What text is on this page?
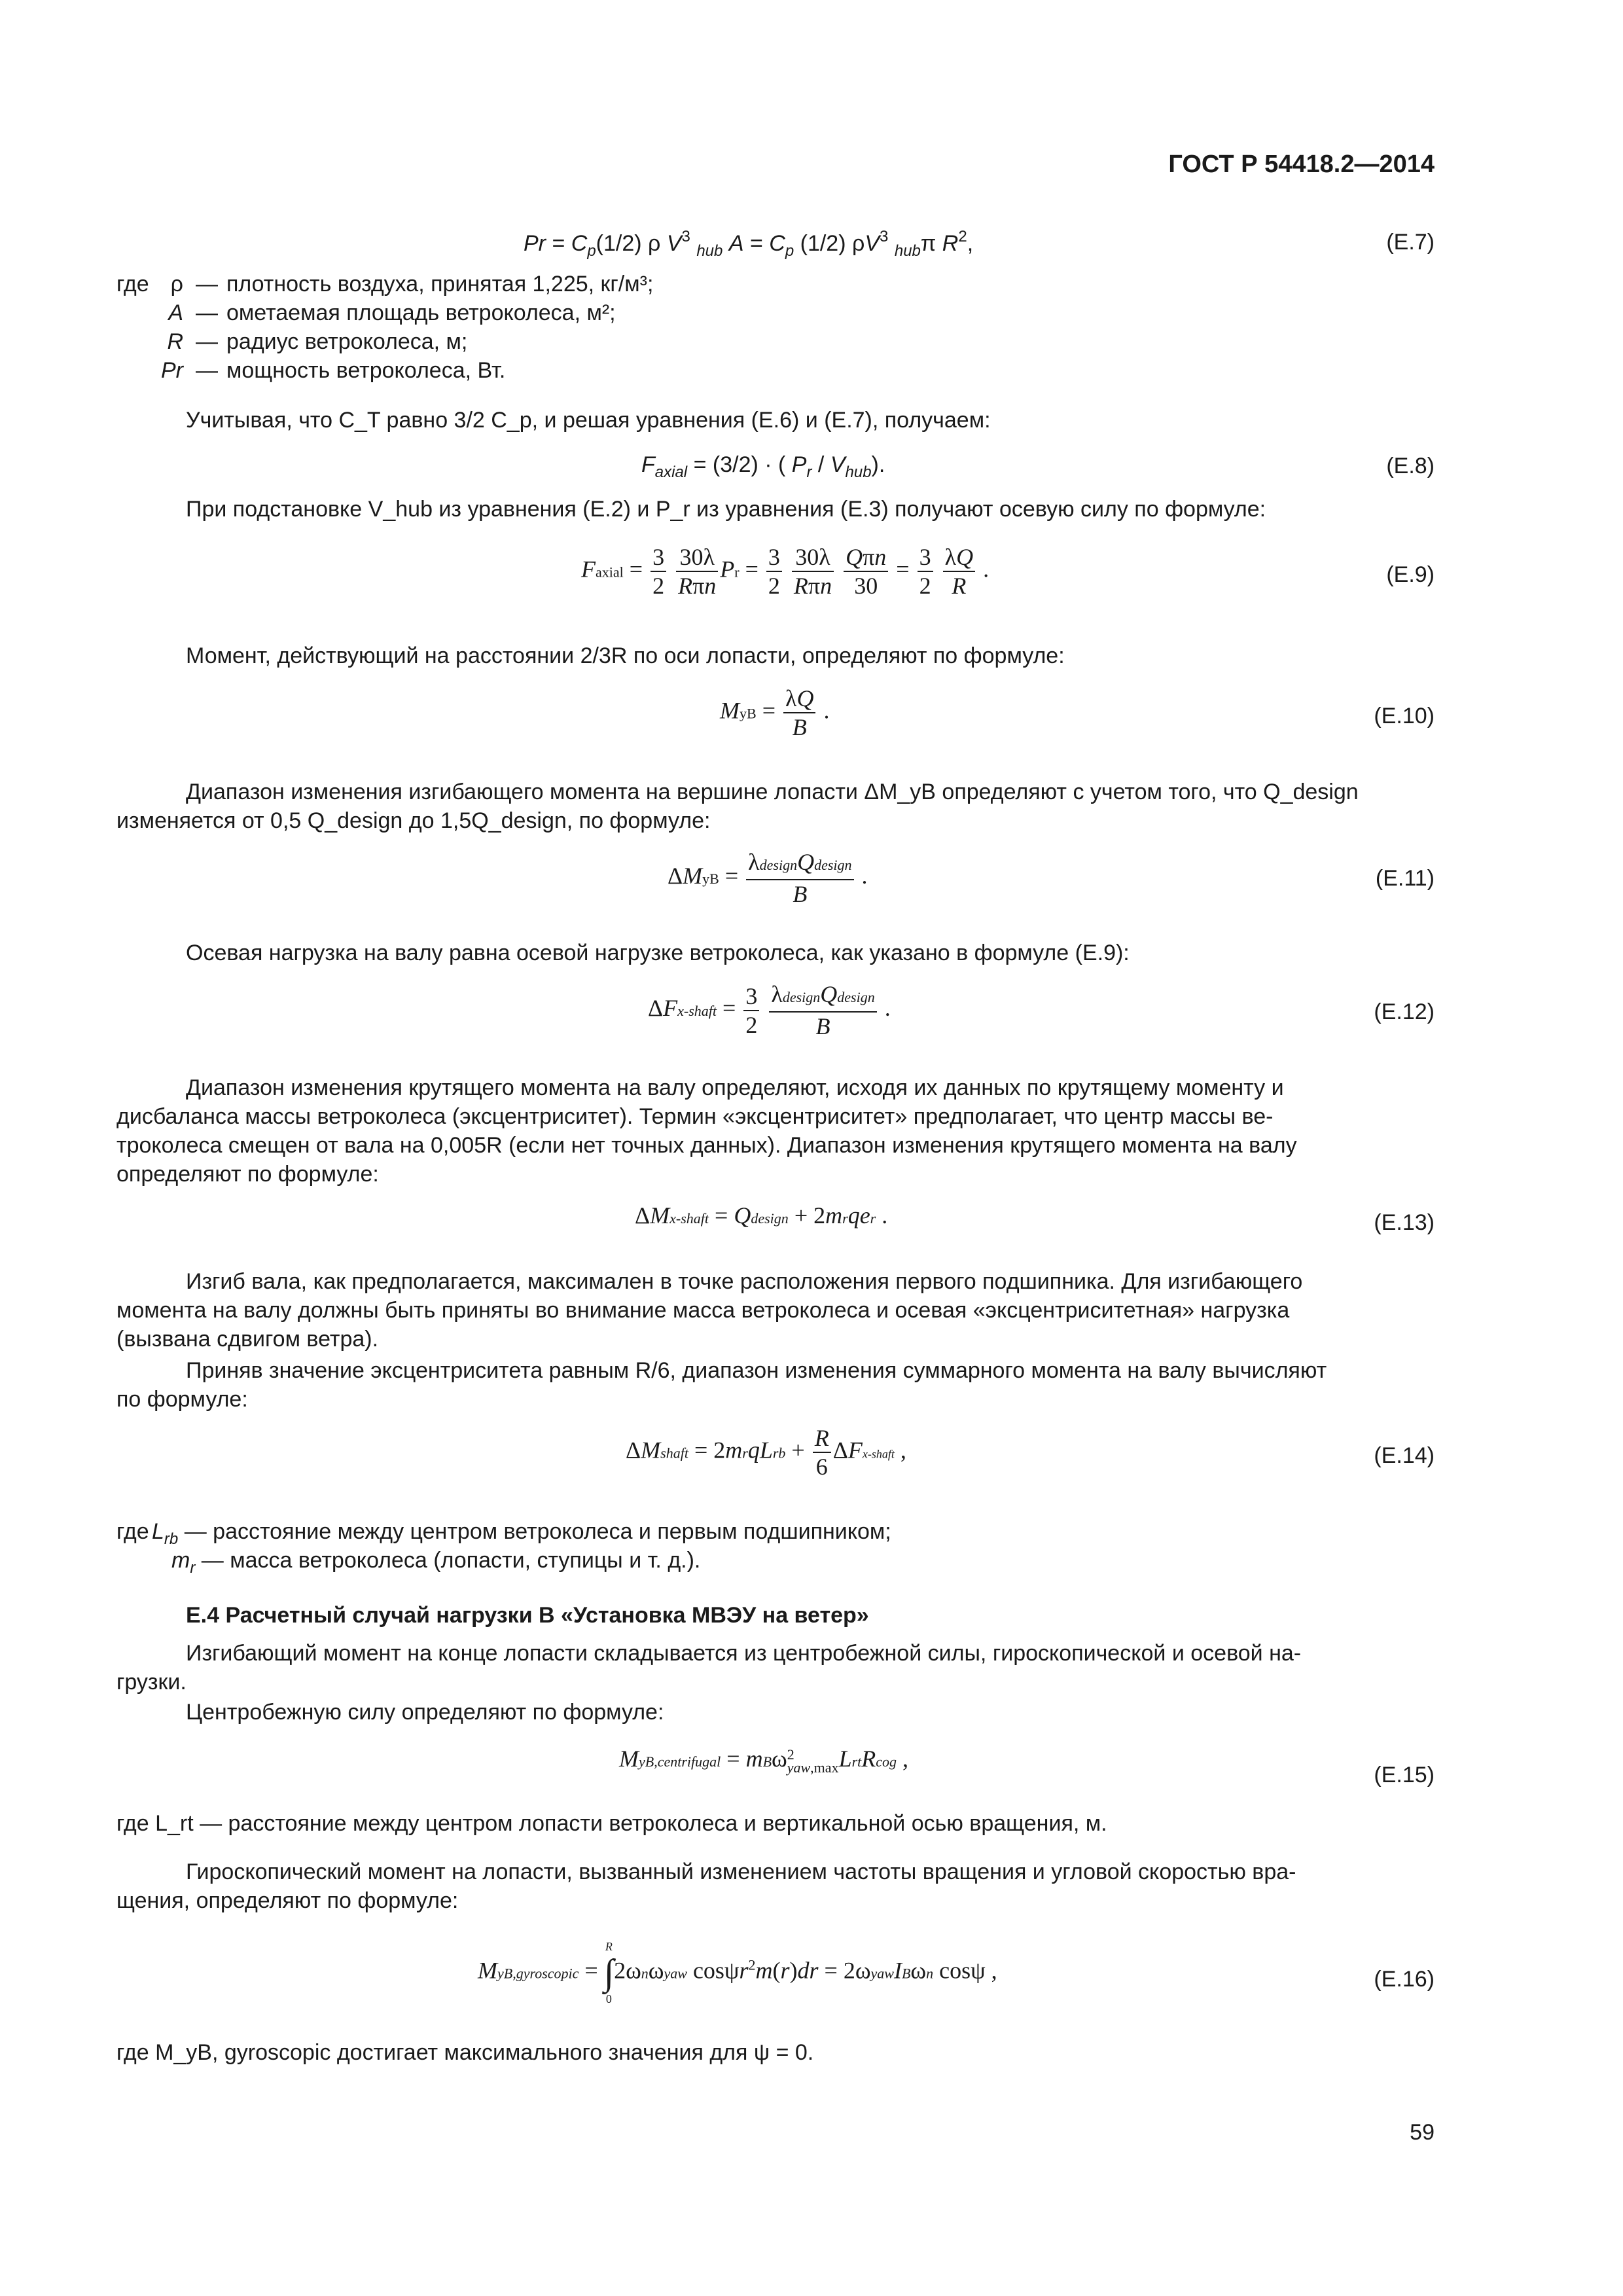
ГОСТ Р 54418.2—2014
$Pr = C_p(1/2)$ ρ $V^3$ $_{hub}$ $A = C_p$ (1/2) $\rho V^3$ $_{hub}$π $R^2$,	(E.7)
где ρ — плотность воздуха, принятая 1,225, кг/м³;
A — ометаемая площадь ветроколеса, м²;
R — радиус ветроколеса, м;
Pr — мощность ветроколеса, Вт.
Учитывая, что C_T равно 3/2 C_p, и решая уравнения (E.6) и (E.7), получаем:
$F_{axial} = (3/2)$ · ( $P_r / V_{hub}$).	(E.8)
При подстановке V_hub из уравнения (E.2) и P_r из уравнения (E.3) получают осевую силу по формуле:
Faxial = $\frac{3}{2}$
$\frac{30\lambda}{\text{Rπn}}$ $Pr = \frac{3}{2}$
$\frac{30\lambda}{\text{Rπn}}$
$\frac{\text{Qπn}}{30} = \frac{3}{2}$
$\frac{\lambda Q}{R}$ .	(E.9)
Момент, действующий на расстоянии 2/3R по оси лопасти, определяют по формуле:
MyB = $\frac{\lambda Q}{B}$ .	(E.10)
Диапазон изменения изгибающего момента на вершине лопасти ΔM_yB определяют с учетом того, что Q_design
изменяется от 0,5 Q_design до 1,5Q_design, по формуле:
$\Delta MyB = \frac{\text{λdesignQdesign}}{B}$ .	(E.11)
Осевая нагрузка на валу равна осевой нагрузке ветроколеса, как указано в формуле (E.9):
ΔFx-shaft = $\frac{3}{2}$
$\frac{\text{λdesignQdesign}}{B}$ .	(E.12)
Диапазон изменения крутящего момента на валу определяют, исходя их данных по крутящему моменту и
дисбаланса массы ветроколеса (эксцентриситет). Термин «эксцентриситет» предполагает, что центр массы ве-
троколеса смещен от вала на 0,005R (если нет точных данных). Диапазон изменения крутящего момента на валу
определяют по формуле:
ΔMx-shaft = Qdesign + 2mrqer .	(E.13)
Изгиб вала, как предполагается, максимален в точке расположения первого подшипника. Для изгибающего
момента на валу должны быть приняты во внимание масса ветроколеса и осевая «эксцентриситетная» нагрузка
(вызвана сдвигом ветра).
Приняв значение эксцентриситета равным R/6, диапазон изменения суммарного момента на валу вычисляют
по формуле:
ΔMshaft = 2mrqLrb + $\frac{R}{6}$ ΔFx-shaft ,	(E.14)
где $L_{rb}$ — расстояние между центром ветроколеса и первым подшипником;
$m_r$ — масса ветроколеса (лопасти, ступицы и т. д.).
E.4 Расчетный случай нагрузки B «Установка МВЭУ на ветер»
Изгибающий момент на конце лопасти складывается из центробежной силы, гироскопической и осевой на-
грузки.
Центробежную силу определяют по формуле:
MyB,centrifugal = mBω 2
yaw,max LrtRcog ,
(E.15)
где L_rt — расстояние между центром лопасти ветроколеса и вертикальной осью вращения, м.
Гироскопический момент на лопасти, вызванный изменением частоты вращения и угловой скоростью вра-
щения, определяют по формуле:
MyB,gyroscopic =
R
∫
0
2ωnωyaw cosψr$^2$m(r)dr = 2ωyawIBωn cosψ ,	(E.16)
где M_yB, gyroscopic достигает максимального значения для ψ = 0.
59
